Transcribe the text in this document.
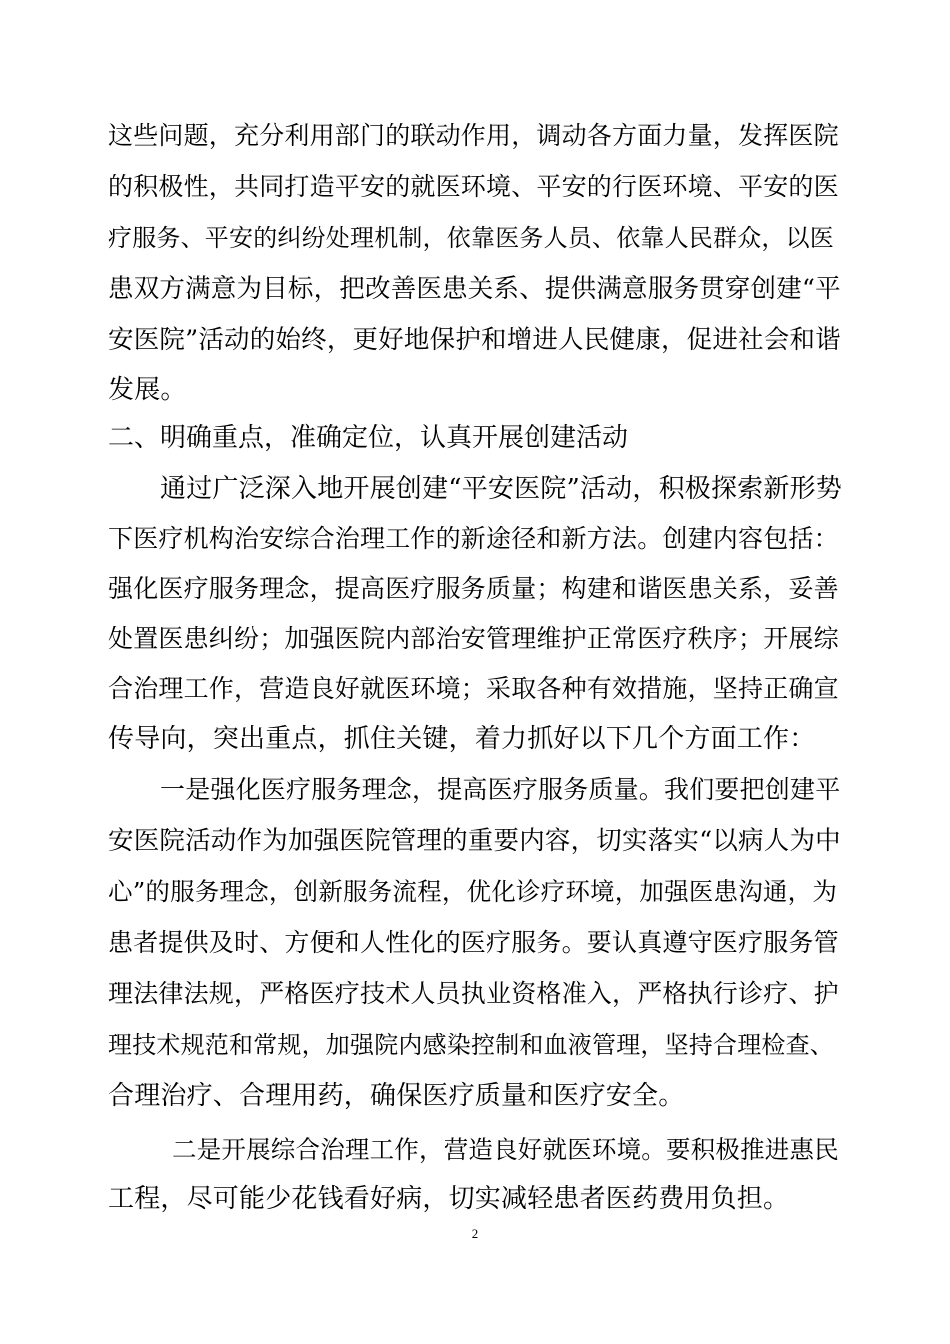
这些问题，充分利用部门的联动作用，调动各方面力量，发挥医院
的积极性，共同打造平安的就医环境、平安的行医环境、平安的医
疗服务、平安的纠纷处理机制，依靠医务人员、依靠人民群众，以医
患双方满意为目标，把改善医患关系、提供满意服务贯穿创建“平
安医院”活动的始终，更好地保护和增进人民健康，促进社会和谐
发展。
二、明确重点，准确定位，认真开展创建活动
通过广泛深入地开展创建“平安医院”活动，积极探索新形势
下医疗机构治安综合治理工作的新途径和新方法。创建内容包括：
强化医疗服务理念，提高医疗服务质量；构建和谐医患关系，妥善
处置医患纠纷；加强医院内部治安管理维护正常医疗秩序；开展综
合治理工作，营造良好就医环境；采取各种有效措施，坚持正确宣
传导向，突出重点，抓住关键，着力抓好以下几个方面工作：
一是强化医疗服务理念，提高医疗服务质量。我们要把创建平
安医院活动作为加强医院管理的重要内容，切实落实“以病人为中
心”的服务理念，创新服务流程，优化诊疗环境，加强医患沟通，为
患者提供及时、方便和人性化的医疗服务。要认真遵守医疗服务管
理法律法规，严格医疗技术人员执业资格准入，严格执行诊疗、护
理技术规范和常规，加强院内感染控制和血液管理，坚持合理检查、
合理治疗、合理用药，确保医疗质量和医疗安全。
二是开展综合治理工作，营造良好就医环境。要积极推进惠民
工程，尽可能少花钱看好病，切实减轻患者医药费用负担。
2
